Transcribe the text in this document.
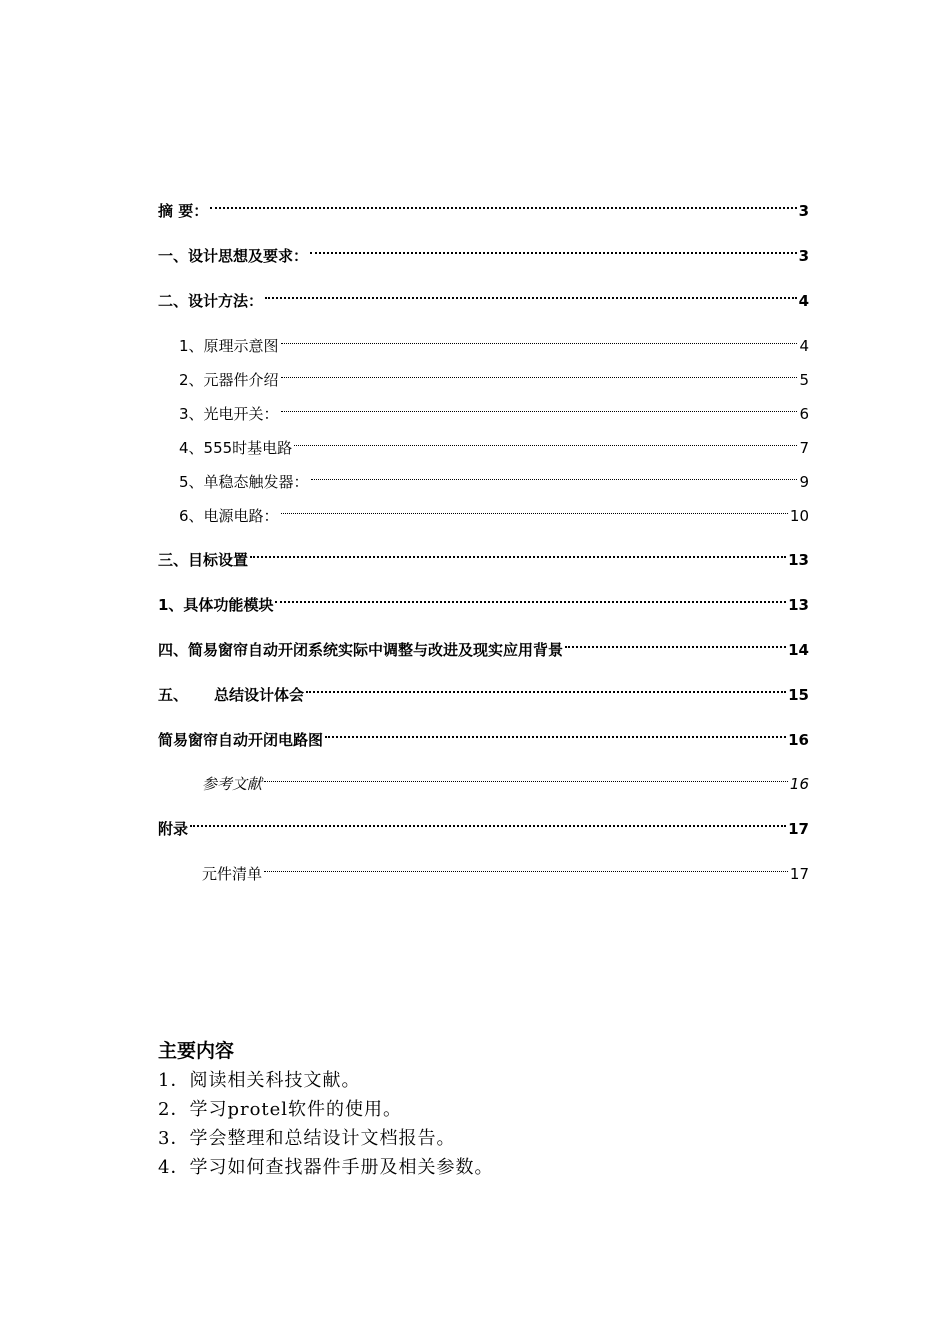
摘 要：	3
一、设计思想及要求：	3
二、设计方法：	4
1、原理示意图	4
2、元器件介绍	5
3、光电开关：	6
4、555时基电路	7
5、单稳态触发器：	9
6、电源电路：	10
三、目标设置	13
1、具体功能模块	13
四、简易窗帘自动开闭系统实际中调整与改进及现实应用背景	14
五、 总结设计体会	15
简易窗帘自动开闭电路图	16
参考文献	16
附录	17
元件清单	17
主要内容
1．阅读相关科技文献。
2．学习protel软件的使用。
3．学会整理和总结设计文档报告。
4．学习如何查找器件手册及相关参数。
